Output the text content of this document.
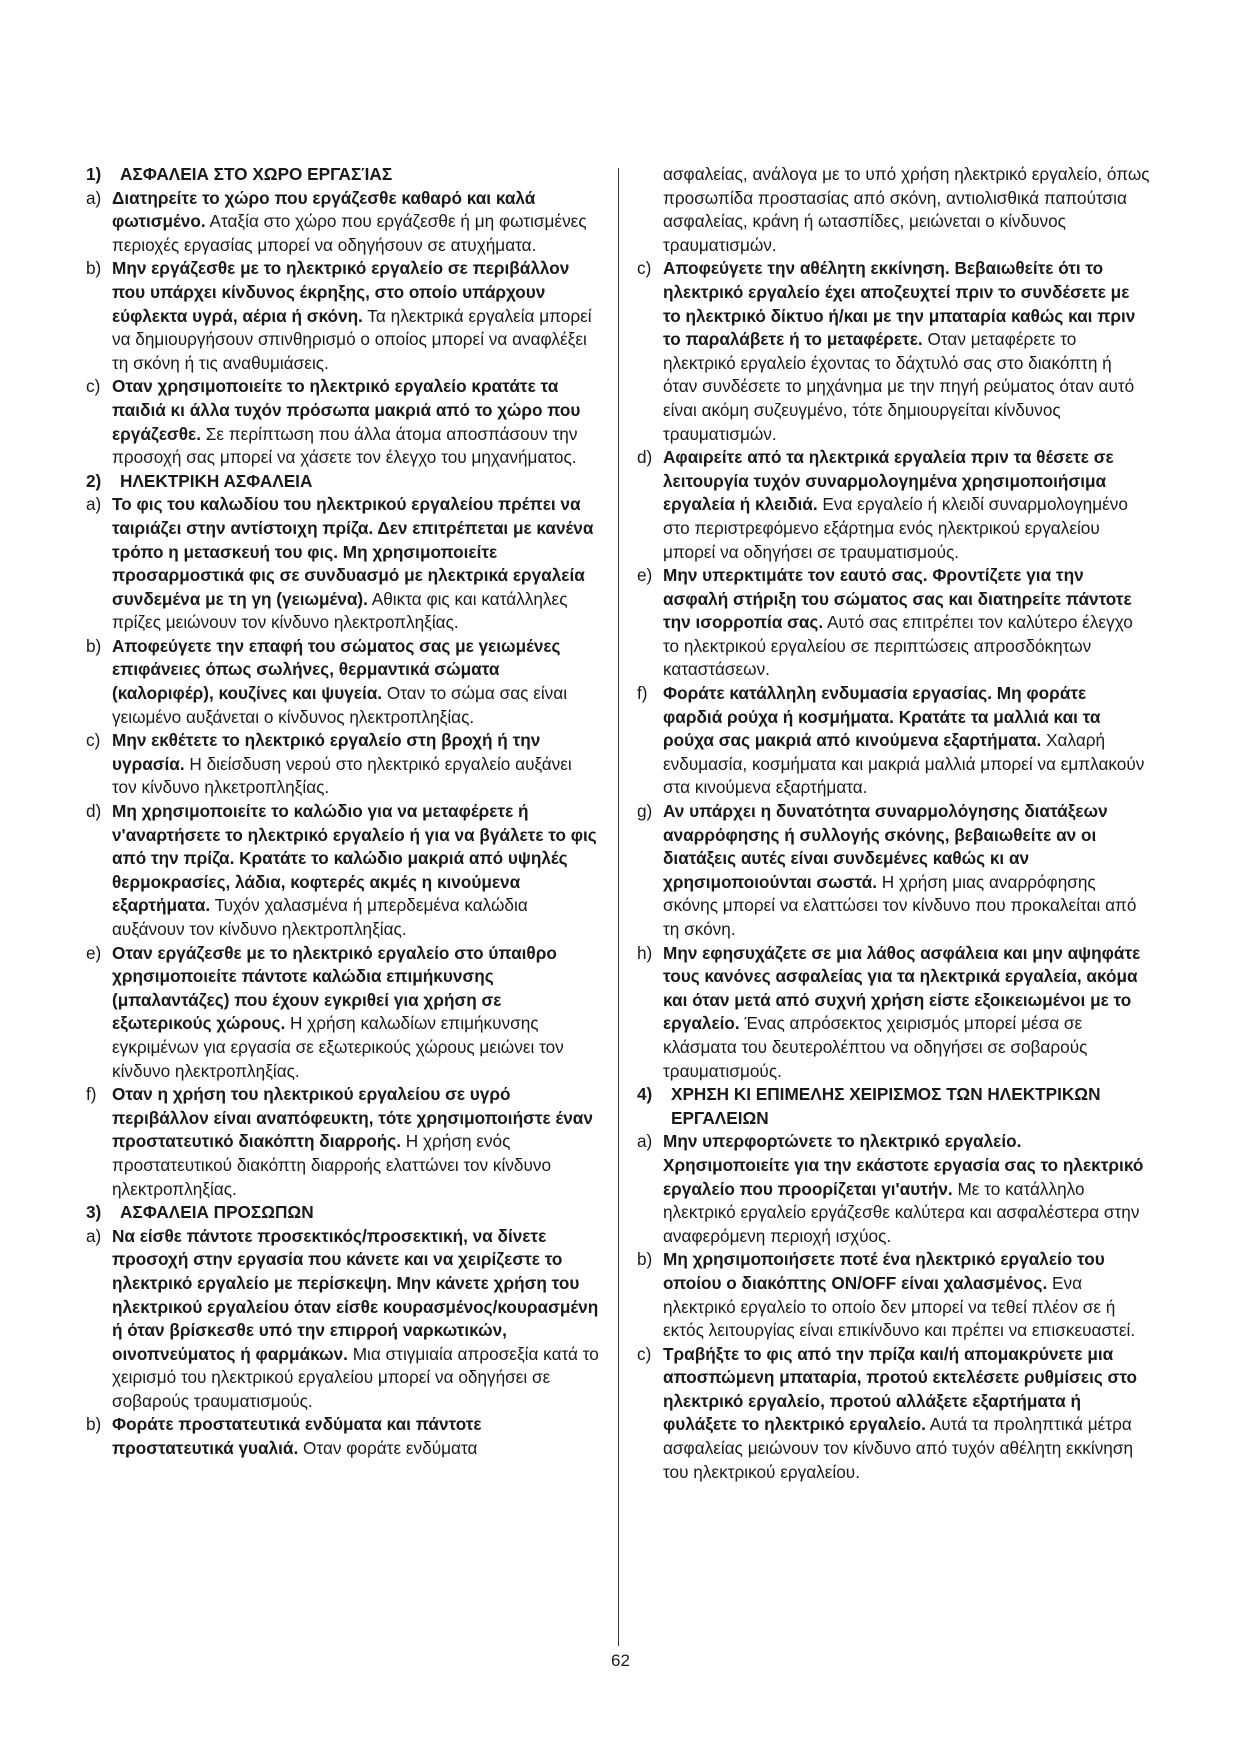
1) ΑΣΦΑΛΕΙΑ ΣΤΟ ΧΩΡΟ ΕΡΓΑΣΊΑΣ
a) Διατηρείτε το χώρο που εργάζεσθε καθαρό και καλά φωτισμένο. Αταξία στο χώρο που εργάζεσθε ή μη φωτισμένες περιοχές εργασίας μπορεί να οδηγήσουν σε ατυχήματα.
b) Μην εργάζεσθε με το ηλεκτρικό εργαλείο σε περιβάλλον που υπάρχει κίνδυνος έκρηξης, στο οποίο υπάρχουν εύφλεκτα υγρά, αέρια ή σκόνη. Τα ηλεκτρικά εργαλεία μπορεί να δημιουργήσουν σπινθηρισμό ο οποίος μπορεί να αναφλέξει τη σκόνη ή τις αναθυμιάσεις.
c) Οταν χρησιμοποιείτε το ηλεκτρικό εργαλείο κρατάτε τα παιδιά κι άλλα τυχόν πρόσωπα μακριά από το χώρο που εργάζεσθε. Σε περίπτωση που άλλα άτομα αποσπάσουν την προσοχή σας μπορεί να χάσετε τον έλεγχο του μηχανήματος.
2) ΗΛΕΚΤΡΙΚΗ ΑΣΦΑΛΕΙΑ
a) Το φις του καλωδίου του ηλεκτρικού εργαλείου πρέπει να ταιριάζει στην αντίστοιχη πρίζα. Δεν επιτρέπεται με κανένα τρόπο η μετασκευή του φις. Μη χρησιμοποιείτε προσαρμοστικά φις σε συνδυασμό με ηλεκτρικά εργαλεία συνδεμένα με τη γη (γειωμένα). Αθικτα φις και κατάλληλες πρίζες μειώνουν τον κίνδυνο ηλεκτροπληξίας.
b) Αποφεύγετε την επαφή του σώματος σας με γειωμένες επιφάνειες όπως σωλήνες, θερμαντικά σώματα (καλοριφέρ), κουζίνες και ψυγεία. Οταν το σώμα σας είναι γειωμένο αυξάνεται ο κίνδυνος ηλεκτροπληξίας.
c) Μην εκθέτετε το ηλεκτρικό εργαλείο στη βροχή ή την υγρασία. Η διείσδυση νερού στο ηλεκτρικό εργαλείο αυξάνει τον κίνδυνο ηλκετροπληξίας.
d) Μη χρησιμοποιείτε το καλώδιο για να μεταφέρετε ή ν'αναρτήσετε το ηλεκτρικό εργαλείο ή για να βγάλετε το φις από την πρίζα. Κρατάτε το καλώδιο μακριά από υψηλές θερμοκρασίες, λάδια, κοφτερές ακμές η κινούμενα εξαρτήματα. Τυχόν χαλασμένα ή μπερδεμένα καλώδια αυξάνουν τον κίνδυνο ηλεκτροπληξίας.
e) Οταν εργάζεσθε με το ηλεκτρικό εργαλείο στο ύπαιθρο χρησιμοποιείτε πάντοτε καλώδια επιμήκυνσης (μπαλαντάζες) που έχουν εγκριθεί για χρήση σε εξωτερικούς χώρους. Η χρήση καλωδίων επιμήκυνσης εγκριμένων για εργασία σε εξωτερικούς χώρους μειώνει τον κίνδυνο ηλεκτροπληξίας.
f) Οταν η χρήση του ηλεκτρικού εργαλείου σε υγρό περιβάλλον είναι αναπόφευκτη, τότε χρησιμοποιήστε έναν προστατευτικό διακόπτη διαρροής. Η χρήση ενός προστατευτικού διακόπτη διαρροής ελαττώνει τον κίνδυνο ηλεκτροπληξίας.
3) ΑΣΦΑΛΕΙΑ ΠΡΟΣΩΠΩΝ
a) Να είσθε πάντοτε προσεκτικός/προσεκτική, να δίνετε προσοχή στην εργασία που κάνετε και να χειρίζεστε το ηλεκτρικό εργαλείο με περίσκεψη. Μην κάνετε χρήση του ηλεκτρικού εργαλείου όταν είσθε κουρασμένος/κουρασμένη ή όταν βρίσκεσθε υπό την επιρροή ναρκωτικών, οινοπνεύματος ή φαρμάκων. Μια στιγμιαία απροσεξία κατά το χειρισμό του ηλεκτρικού εργαλείου μπορεί να οδηγήσει σε σοβαρούς τραυματισμούς.
b) Φοράτε προστατευτικά ενδύματα και πάντοτε προστατευτικά γυαλιά. Οταν φοράτε ενδύματα
ασφαλείας, ανάλογα με το υπό χρήση ηλεκτρικό εργαλείο, όπως προσωπίδα προστασίας από σκόνη, αντιολισθικά παπούτσια ασφαλείας, κράνη ή ωτασπίδες, μειώνεται ο κίνδυνος τραυματισμών.
c) Αποφεύγετε την αθέλητη εκκίνηση. Βεβαιωθείτε ότι το ηλεκτρικό εργαλείο έχει αποζευχτεί πριν το συνδέσετε με το ηλεκτρικό δίκτυο ή/και με την μπαταρία καθώς και πριν το παραλάβετε ή το μεταφέρετε. Οταν μεταφέρετε το ηλεκτρικό εργαλείο έχοντας το δάχτυλό σας στο διακόπτη ή όταν συνδέσετε το μηχάνημα με την πηγή ρεύματος όταν αυτό είναι ακόμη συζευγμένο, τότε δημιουργείται κίνδυνος τραυματισμών.
d) Αφαιρείτε από τα ηλεκτρικά εργαλεία πριν τα θέσετε σε λειτουργία τυχόν συναρμολογημένα χρησιμοποιήσιμα εργαλεία ή κλειδιά. Ενα εργαλείο ή κλειδί συναρμολογημένο στο περιστρεφόμενο εξάρτημα ενός ηλεκτρικού εργαλείου μπορεί να οδηγήσει σε τραυματισμούς.
e) Μην υπερκτιμάτε τον εαυτό σας. Φροντίζετε για την ασφαλή στήριξη του σώματος σας και διατηρείτε πάντοτε την ισορροπία σας. Αυτό σας επιτρέπει τον καλύτερο έλεγχο το ηλεκτρικού εργαλείου σε περιπτώσεις απροσδόκητων καταστάσεων.
f) Φοράτε κατάλληλη ενδυμασία εργασίας. Μη φοράτε φαρδιά ρούχα ή κοσμήματα. Κρατάτε τα μαλλιά και τα ρούχα σας μακριά από κινούμενα εξαρτήματα. Χαλαρή ενδυμασία, κοσμήματα και μακριά μαλλιά μπορεί να εμπλακούν στα κινούμενα εξαρτήματα.
g) Αν υπάρχει η δυνατότητα συναρμολόγησης διατάξεων αναρρόφησης ή συλλογής σκόνης, βεβαιωθείτε αν οι διατάξεις αυτές είναι συνδεμένες καθώς κι αν χρησιμοποιούνται σωστά. Η χρήση μιας αναρρόφησης σκόνης μπορεί να ελαττώσει τον κίνδυνο που προκαλείται από τη σκόνη.
h) Μην εφησυχάζετε σε μια λάθος ασφάλεια και μην αψηφάτε τους κανόνες ασφαλείας για τα ηλεκτρικά εργαλεία, ακόμα και όταν μετά από συχνή χρήση είστε εξοικειωμένοι με το εργαλείο. Ένας απρόσεκτος χειρισμός μπορεί μέσα σε κλάσματα του δευτερολέπτου να οδηγήσει σε σοβαρούς τραυματισμούς.
4) ΧΡΗΣΗ ΚΙ ΕΠΙΜΕΛΗΣ ΧΕΙΡΙΣΜΟΣ ΤΩΝ ΗΛΕΚΤΡΙΚΩΝ ΕΡΓΑΛΕΙΩΝ
a) Μην υπερφορτώνετε το ηλεκτρικό εργαλείο. Χρησιμοποιείτε για την εκάστοτε εργασία σας το ηλεκτρικό εργαλείο που προορίζεται γι'αυτήν. Με το κατάλληλο ηλεκτρικό εργαλείο εργάζεσθε καλύτερα και ασφαλέστερα στην αναφερόμενη περιοχή ισχύος.
b) Μη χρησιμοποιήσετε ποτέ ένα ηλεκτρικό εργαλείο του οποίου ο διακόπτης ON/OFF είναι χαλασμένος. Ενα ηλεκτρικό εργαλείο το οποίο δεν μπορεί να τεθεί πλέον σε ή εκτός λειτουργίας είναι επικίνδυνο και πρέπει να επισκευαστεί.
c) Τραβήξτε το φις από την πρίζα και/ή απομακρύνετε μια αποσπώμενη μπαταρία, προτού εκτελέσετε ρυθμίσεις στο ηλεκτρικό εργαλείο, προτού αλλάξετε εξαρτήματα ή φυλάξετε το ηλεκτρικό εργαλείο. Αυτά τα προληπτικά μέτρα ασφαλείας μειώνουν τον κίνδυνο από τυχόν αθέλητη εκκίνηση του ηλεκτρικού εργαλείου.
62
